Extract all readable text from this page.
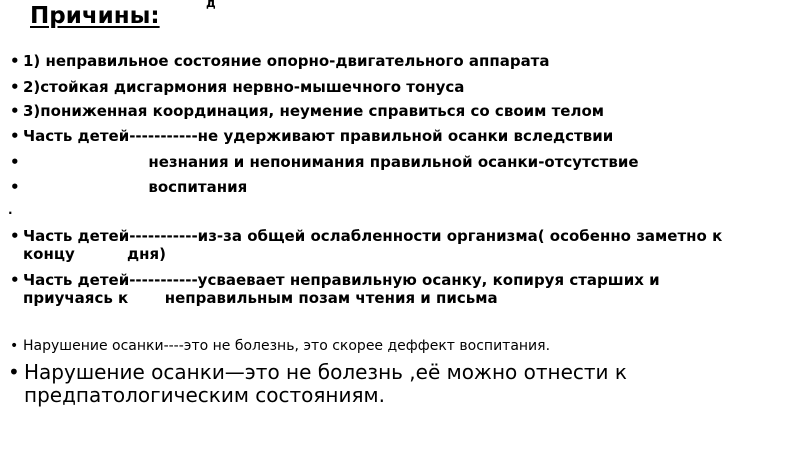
Причины:	д

•

1) неправильное состояние опорно-двигательного аппарата

•

2)стойкая дисгармония нервно-мышечного тонуса

•

3)пониженная координация, неумение справиться со своим телом

•

Часть детей-----------не удерживают правильной осанки вследствии

•

незнания и непонимания правильной осанки-отсутствие

•

воспитания

.

•

Часть детей-----------из-за общей ослабленности организма( особенно заметно к
концу          дня)

•

Часть детей-----------усваевает неправильную осанку, копируя старших и
приучаясь к       неправильным позам чтения и письма

•

Нарушение осанки----это не болезнь, это скорее деффект воспитания.

•

Нарушение осанки—это не болезнь ,её можно отнести к
предпатологическим состояниям.
